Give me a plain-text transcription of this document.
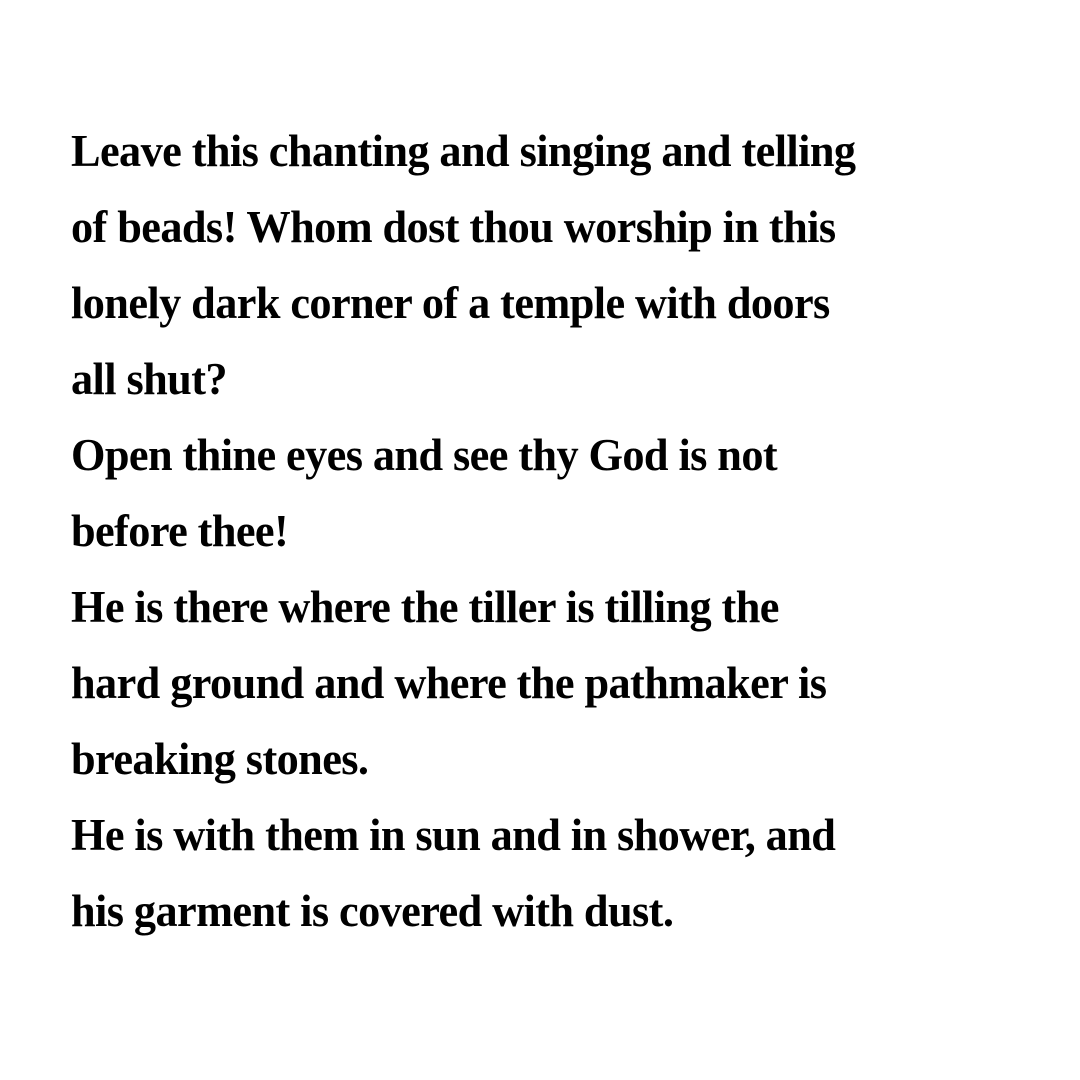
Leave this chanting and singing and telling
of beads! Whom dost thou worship in this
lonely dark corner of a temple with doors
all shut?
Open thine eyes and see thy God is not
before thee!
He is there where the tiller is tilling the
hard ground and where the pathmaker is
breaking stones.
He is with them in sun and in shower, and
his garment is covered with dust.
